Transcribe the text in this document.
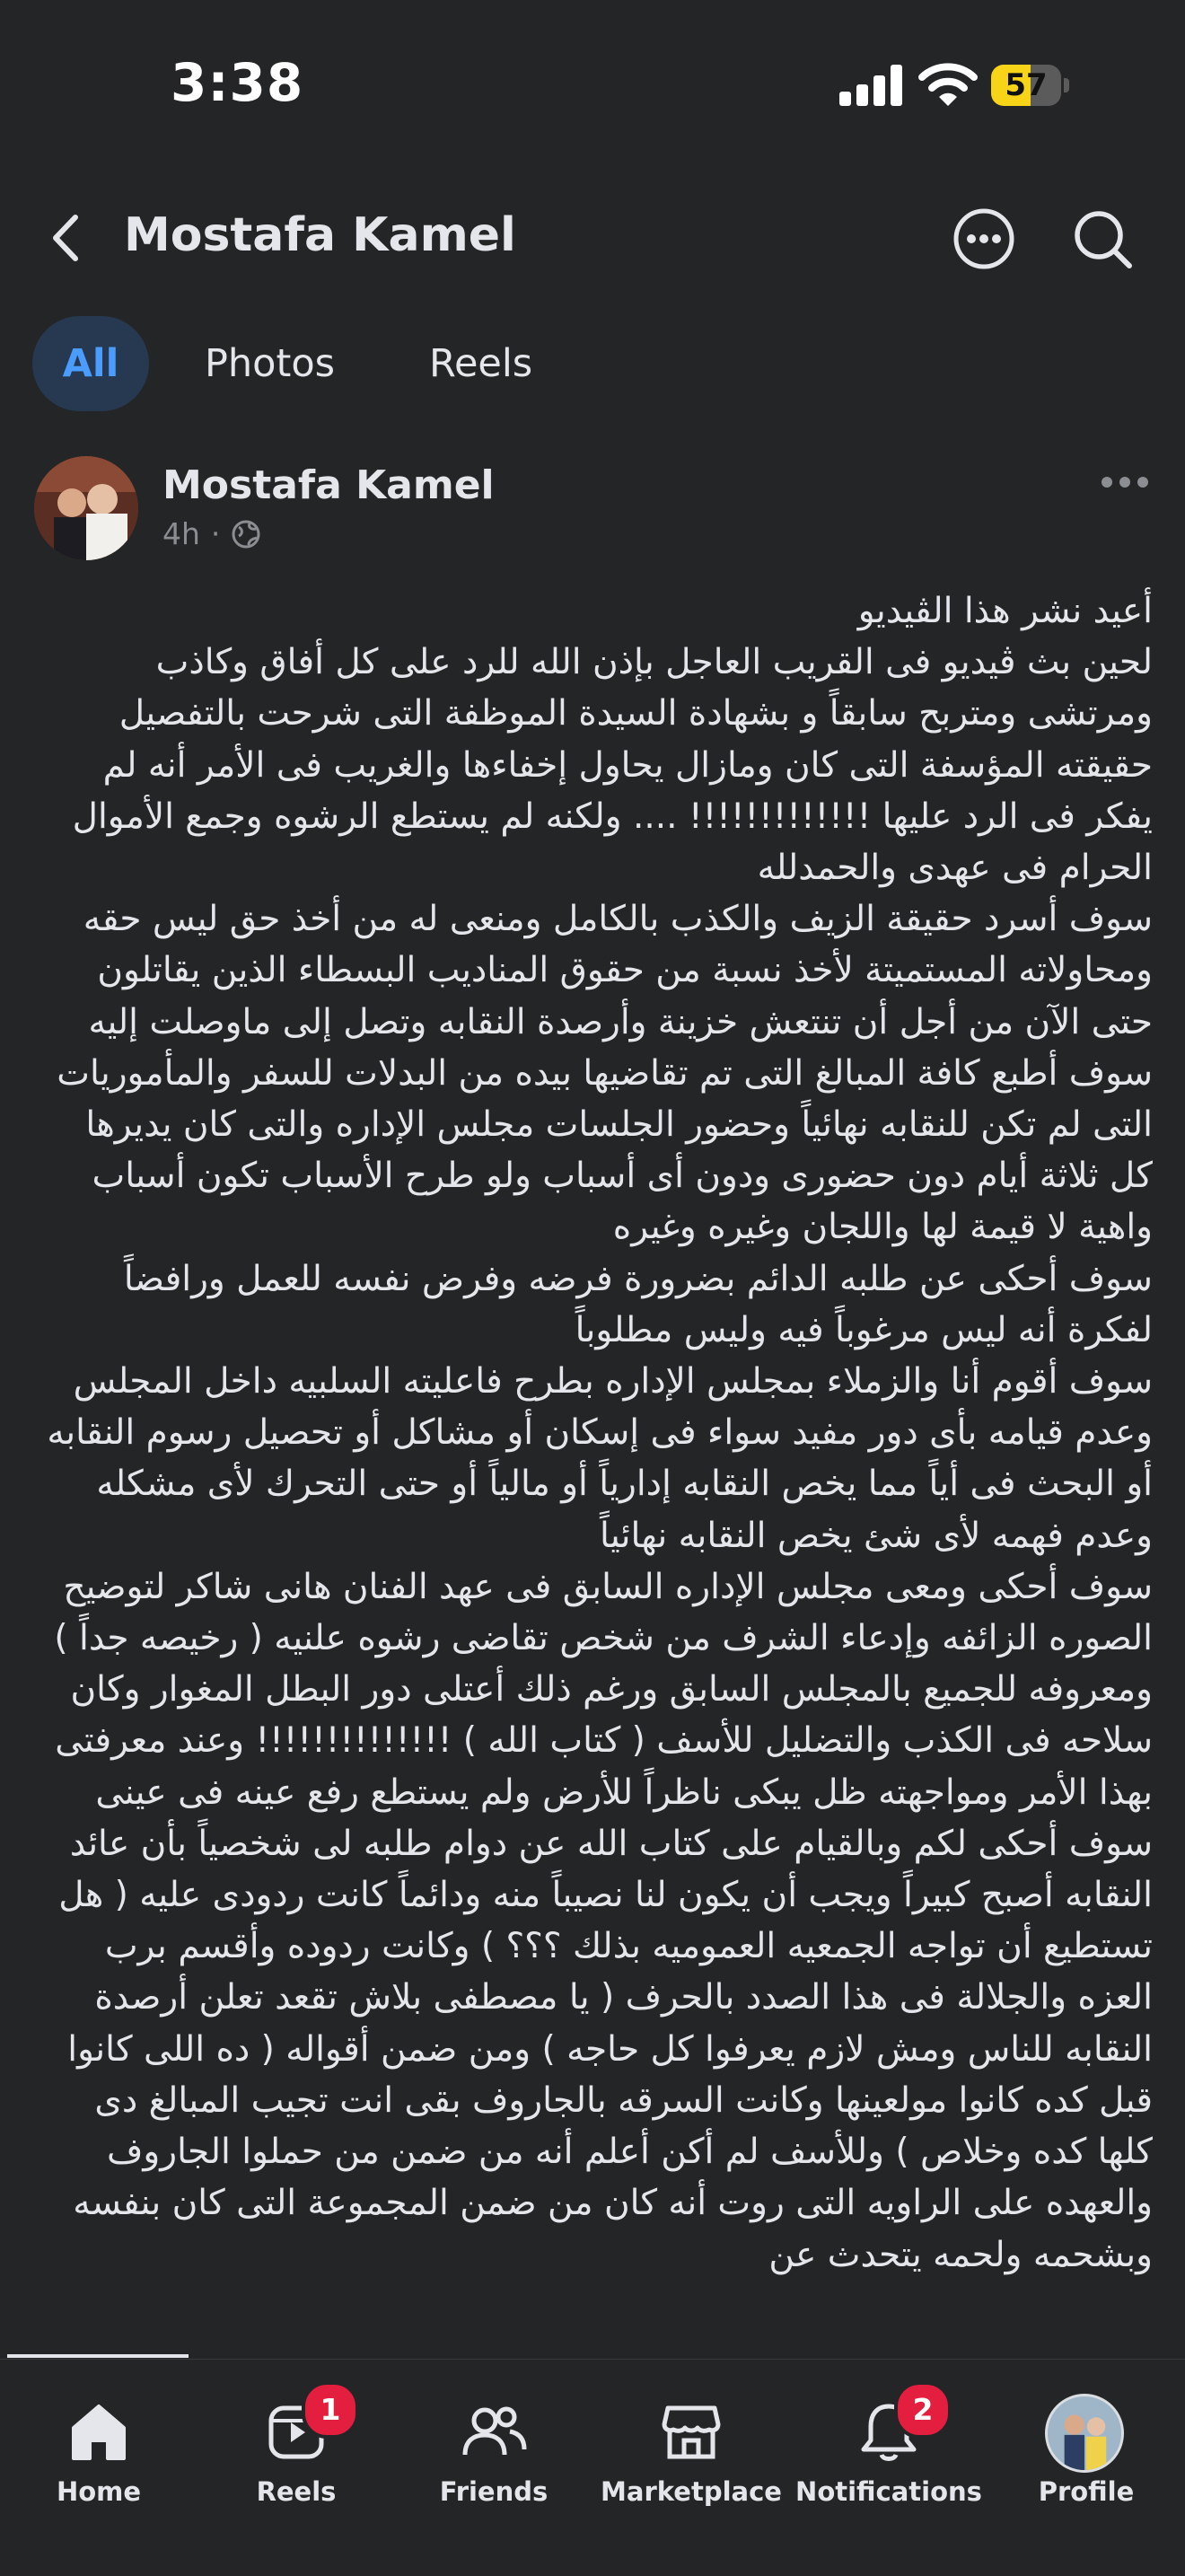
3:38	57
Mostafa Kamel
All	Photos Reels
Mostafa Kamel
4h ·

أعيد نشر هذا الڤيديو

لحين بث ڤيديو فى القريب العاجل بإذن الله للرد على كل أفاق وكاذب ومرتشى ومتربح سابقاً و بشهادة السيدة الموظفة التى شرحت بالتفصيل حقيقته المؤسفة التى كان ومازال يحاول إخفاءها والغريب فى الأمر أنه لم يفكر فى الرد عليها !!!!!!!!!!!!! .... ولكنه لم يستطع الرشوه وجمع الأموال الحرام فى عهدى والحمدلله

سوف أسرد حقيقة الزيف والكذب بالكامل ومنعى له من أخذ حق ليس حقه ومحاولاته المستميتة لأخذ نسبة من حقوق المناديب البسطاء الذين يقاتلون حتى الآن من أجل أن تنتعش خزينة وأرصدة النقابه وتصل إلى ماوصلت إليه

سوف أطبع كافة المبالغ التى تم تقاضيها بيده من البدلات للسفر والمأموريات التى لم تكن للنقابه نهائياً وحضور الجلسات مجلس الإداره والتى كان يديرها كل ثلاثة أيام دون حضورى ودون أى أسباب ولو طرح الأسباب تكون أسباب واهية لا قيمة لها واللجان وغيره وغيره

سوف أحكى عن طلبه الدائم بضرورة فرضه وفرض نفسه للعمل ورافضاً لفكرة أنه ليس مرغوباً فيه وليس مطلوباً

سوف أقوم أنا والزملاء بمجلس الإداره بطرح فاعليته السلبيه داخل المجلس وعدم قيامه بأى دور مفيد سواء فى إسكان أو مشاكل أو تحصيل رسوم النقابه أو البحث فى أياً مما يخص النقابه إدارياً أو مالياً أو حتى التحرك لأى مشكله وعدم فهمه لأى شئ يخص النقابه نهائياً

سوف أحكى ومعى مجلس الإداره السابق فى عهد الفنان هانى شاكر لتوضيح الصوره الزائفه وإدعاء الشرف من شخص تقاضى رشوه علنيه ( رخيصه جداً ) ومعروفه للجميع بالمجلس السابق ورغم ذلك أعتلى دور البطل المغوار وكان سلاحه فى الكذب والتضليل للأسف ( كتاب الله ) !!!!!!!!!!!!!! وعند معرفتى بهذا الأمر ومواجهته ظل يبكى ناظراً للأرض ولم يستطع رفع عينه فى عينى

سوف أحكى لكم وبالقيام على كتاب الله عن دوام طلبه لى شخصياً بأن عائد النقابه أصبح كبيراً ويجب أن يكون لنا نصيباً منه ودائماً كانت ردودى عليه ( هل تستطيع أن تواجه الجمعيه العموميه بذلك ؟؟؟ ) وكانت ردوده وأقسم برب العزه والجلالة فى هذا الصدد بالحرف ( يا مصطفى بلاش تقعد تعلن أرصدة النقابه للناس ومش لازم يعرفوا كل حاجه ) ومن ضمن أقواله ( ده اللى كانوا قبل كده كانوا مولعينها وكانت السرقه بالجاروف بقى انت تجيب المبالغ دى كلها كده وخلاص ) وللأسف لم أكن أعلم أنه من ضمن من حملوا الجاروف والعهده على الراويه التى روت أنه كان من ضمن المجموعة التى كان بنفسه وبشحمه ولحمه يتحدث عن

Home
1
Reels	Friends	Marketplace
2
Notifications	Profile
